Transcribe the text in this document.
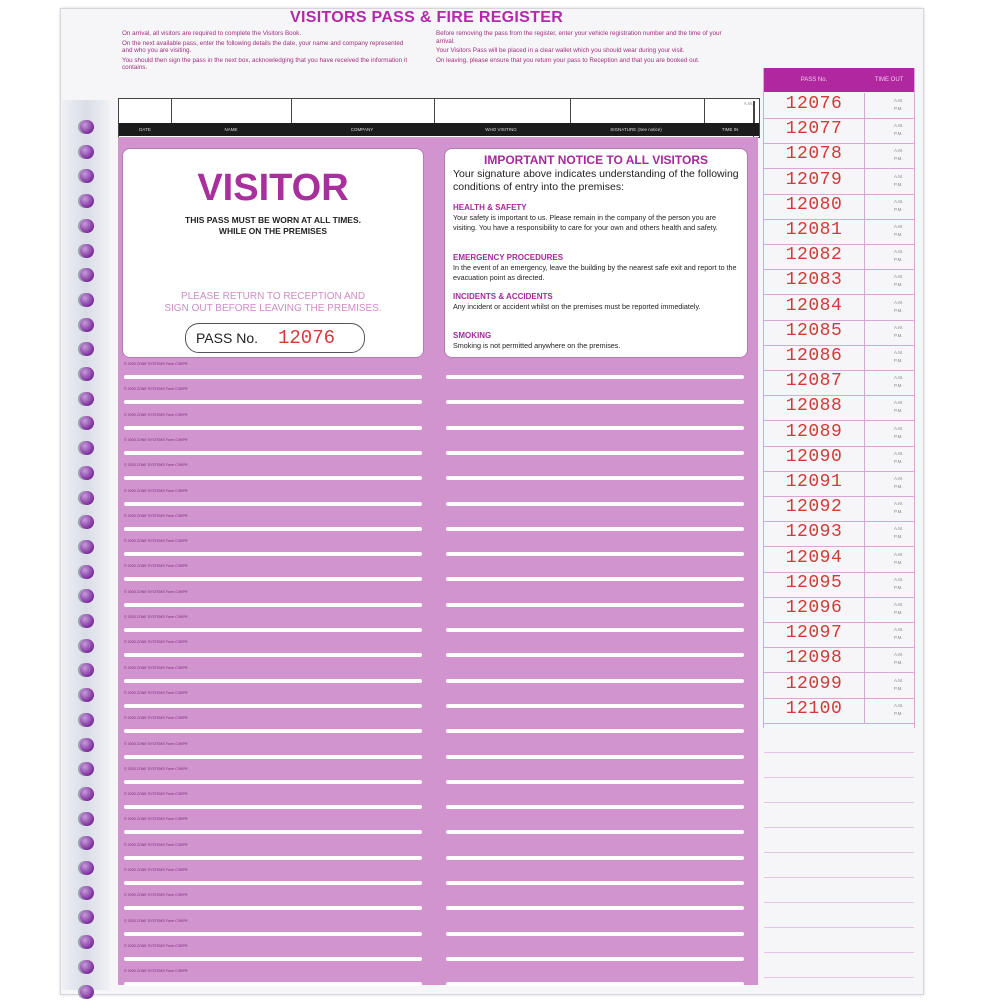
VISITORS PASS & FIRE REGISTER

On arrival, all visitors are required to complete the Visitors Book.

On the next available pass, enter the following details the date, your name and company represented and who you are visiting.

You should then sign the pass in the next box, acknowledging that you have received the information it contains.

Before removing the pass from the register, enter your vehicle registration number and the time of your arrival.

Your Visitors Pass will be placed in a clear wallet which you should wear during your visit.

On leaving, please ensure that you return your pass to Reception and that you are booked out.

A.M.
DATE	NAME	COMPANY	WHO VISITING	SIGNATURE (See notice)	TIME IN
VISITOR
THIS PASS MUST BE WORN AT ALL TIMES.
WHILE ON THE PREMISES
PLEASE RETURN TO RECEPTION AND
SIGN OUT BEFORE LEAVING THE PREMISES.
PASS No. 12076
IMPORTANT NOTICE TO ALL VISITORS
Your signature above indicates understanding of the following conditions of entry into the premises:
HEALTH & SAFETY
Your safety is important to us. Please remain in the company of the person you are visiting. You have a responsibility to care for your own and others health and safety.
EMERGENCY PROCEDURES
In the event of an emergency, leave the building by the nearest safe exit and report to the evacuation point as directed.
INCIDENTS & ACCIDENTS
Any incident or accident whilst on the premises must be reported immediately.
SMOKING
Smoking is not permitted anywhere on the premises.
© 2005 ZONE SYSTEMS Form CVBPR
© 2005 ZONE SYSTEMS Form CVBPR
© 2005 ZONE SYSTEMS Form CVBPR
© 2005 ZONE SYSTEMS Form CVBPR
© 2005 ZONE SYSTEMS Form CVBPR
© 2005 ZONE SYSTEMS Form CVBPR
© 2005 ZONE SYSTEMS Form CVBPR
© 2005 ZONE SYSTEMS Form CVBPR
© 2005 ZONE SYSTEMS Form CVBPR
© 2005 ZONE SYSTEMS Form CVBPR
© 2005 ZONE SYSTEMS Form CVBPR
© 2005 ZONE SYSTEMS Form CVBPR
© 2005 ZONE SYSTEMS Form CVBPR
© 2005 ZONE SYSTEMS Form CVBPR
© 2005 ZONE SYSTEMS Form CVBPR
© 2005 ZONE SYSTEMS Form CVBPR
© 2005 ZONE SYSTEMS Form CVBPR
© 2005 ZONE SYSTEMS Form CVBPR
© 2005 ZONE SYSTEMS Form CVBPR
© 2005 ZONE SYSTEMS Form CVBPR
© 2005 ZONE SYSTEMS Form CVBPR
© 2005 ZONE SYSTEMS Form CVBPR
© 2005 ZONE SYSTEMS Form CVBPR
© 2005 ZONE SYSTEMS Form CVBPR
© 2005 ZONE SYSTEMS Form CVBPR
PASS No.	TIME OUT
12076	A.M.
P.M.
12077	A.M.
P.M.
12078	A.M.
P.M.
12079	A.M.
P.M.
12080	A.M.
P.M.
12081	A.M.
P.M.
12082	A.M.
P.M.
12083	A.M.
P.M.
12084	A.M.
P.M.
12085	A.M.
P.M.
12086	A.M.
P.M.
12087	A.M.
P.M.
12088	A.M.
P.M.
12089	A.M.
P.M.
12090	A.M.
P.M.
12091	A.M.
P.M.
12092	A.M.
P.M.
12093	A.M.
P.M.
12094	A.M.
P.M.
12095	A.M.
P.M.
12096	A.M.
P.M.
12097	A.M.
P.M.
12098	A.M.
P.M.
12099	A.M.
P.M.
12100	A.M.
P.M.
